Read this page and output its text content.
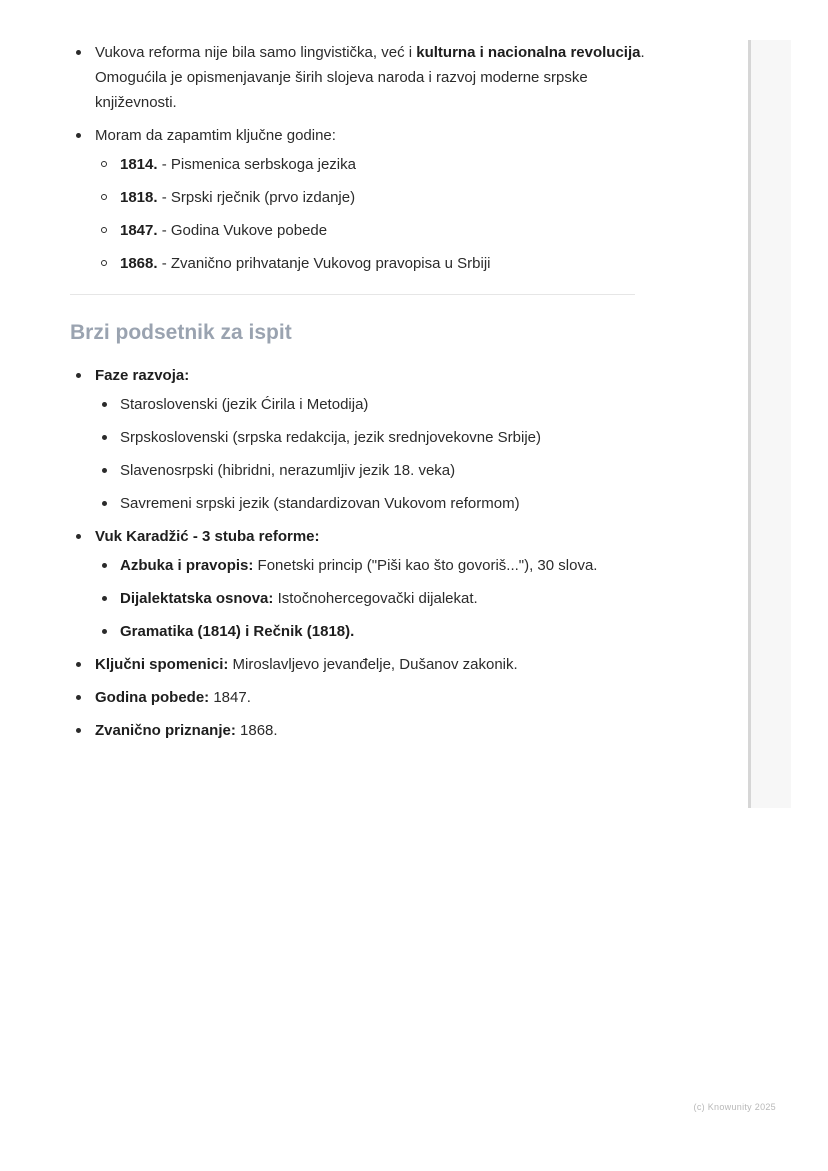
Vukova reforma nije bila samo lingvistička, već i kulturna i nacionalna revolucija. Omogućila je opismenjavanje širih slojeva naroda i razvoj moderne srpske književnosti.
Moram da zapamtim ključne godine:
1814. - Pismenica serbskoga jezika
1818. - Srpski rječnik (prvo izdanje)
1847. - Godina Vukove pobede
1868. - Zvanično prihvatanje Vukovog pravopisa u Srbiji
Brzi podsetnik za ispit
Faze razvoja:
Staroslovenski (jezik Ćirila i Metodija)
Srpskoslovenski (srpska redakcija, jezik srednjovekovne Srbije)
Slavenosrpski (hibridni, nerazumljiv jezik 18. veka)
Savremeni srpski jezik (standardizovan Vukovom reformom)
Vuk Karadžić - 3 stuba reforme:
Azbuka i pravopis: Fonetski princip ("Piši kao što govoriš..."), 30 slova.
Dijalektatska osnova: Istočnohercegovački dijalekat.
Gramatika (1814) i Rečnik (1818).
Ključni spomenici: Miroslavljevo jevanđelje, Dušanov zakonik.
Godina pobede: 1847.
Zvanično priznanje: 1868.
(c) Knowunity 2025
